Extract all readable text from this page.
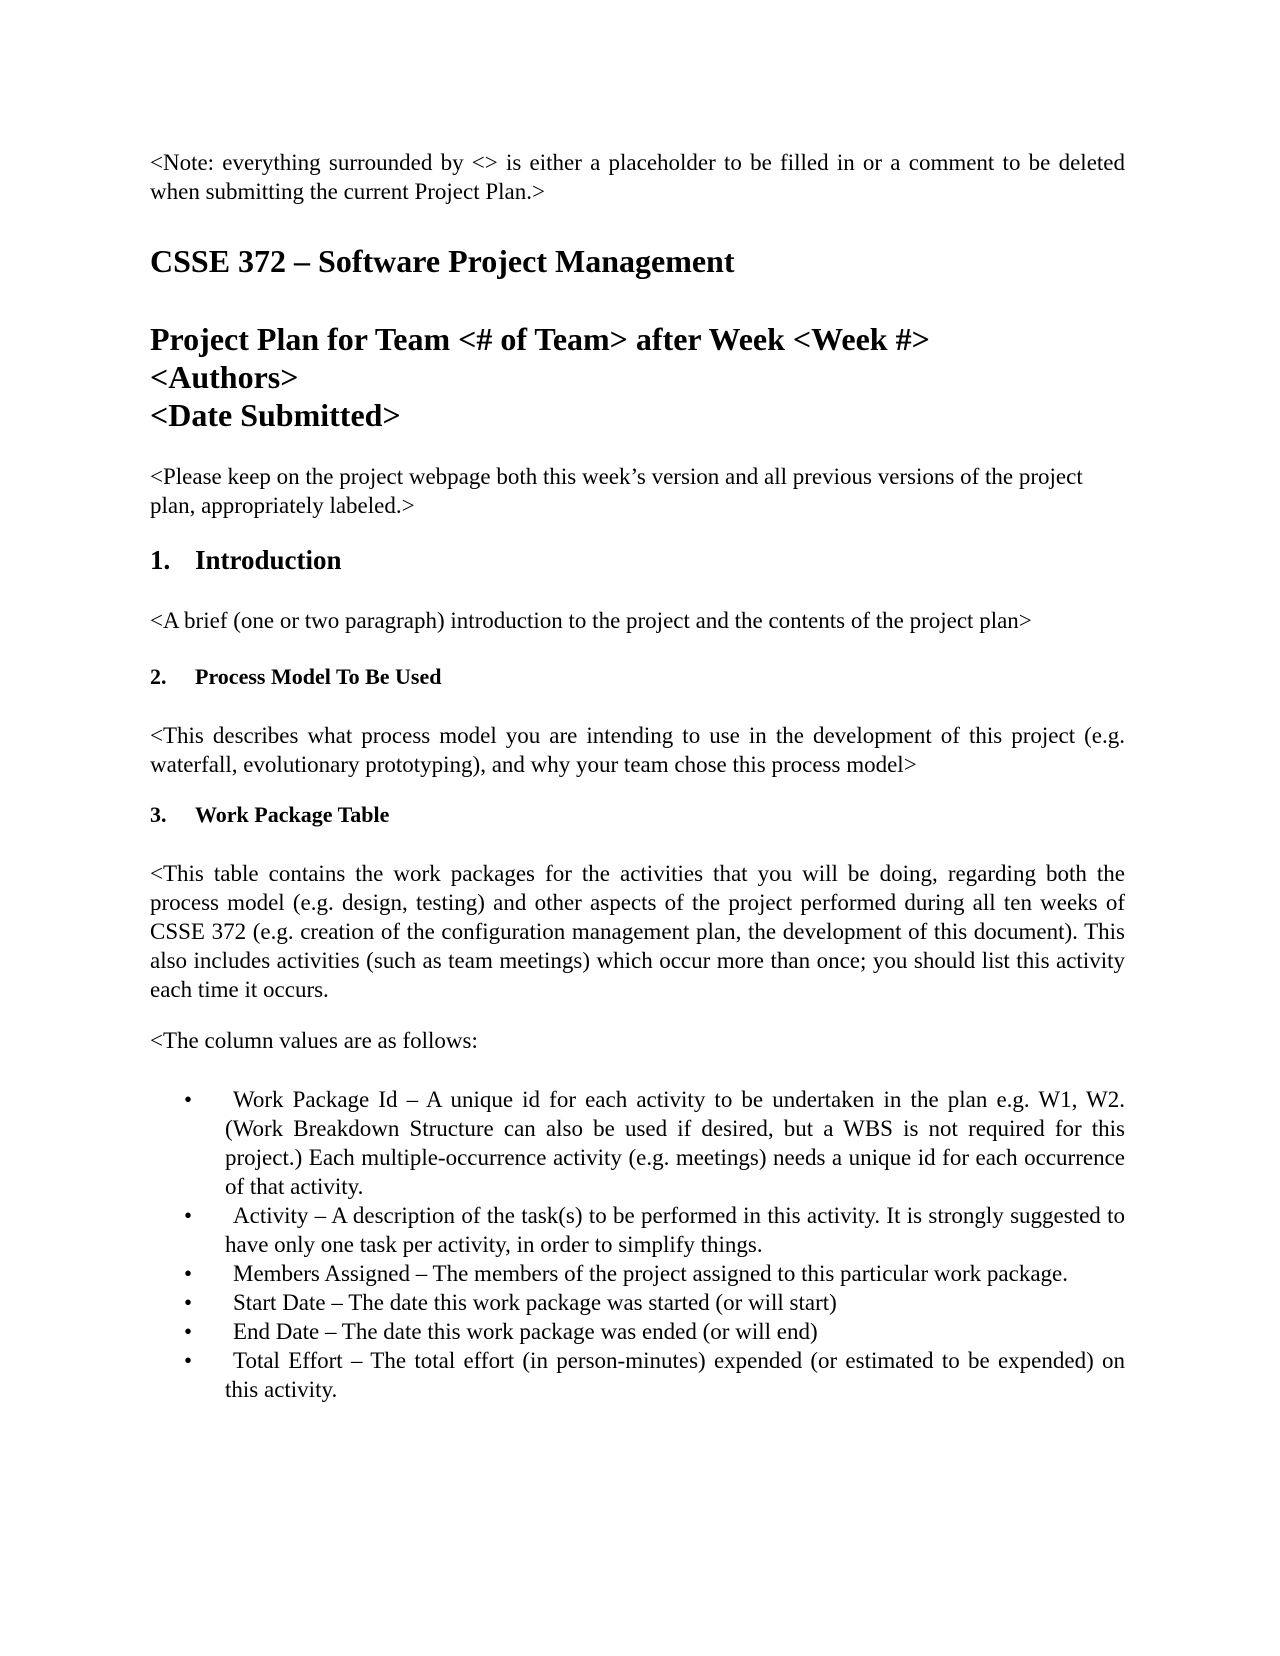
<Note: everything surrounded by <> is either a placeholder to be filled in or a comment to be deleted when submitting the current Project Plan.>

CSSE 372 – Software Project Management
Project Plan for Team <# of Team> after Week <Week #>
<Authors>
<Date Submitted>

<Please keep on the project webpage both this week’s version and all previous versions of the project plan, appropriately labeled.>

1. Introduction

<A brief (one or two paragraph) introduction to the project and the contents of the project plan>

2.	Process Model To Be Used

<This describes what process model you are intending to use in the development of this project (e.g. waterfall, evolutionary prototyping), and why your team chose this process model>

3.	Work Package Table

<This table contains the work packages for the activities that you will be doing, regarding both the process model (e.g. design, testing) and other aspects of the project performed during all ten weeks of CSSE 372 (e.g. creation of the configuration management plan, the development of this document). This also includes activities (such as team meetings) which occur more than once; you should list this activity each time it occurs.

<The column values are as follows:

• Work Package Id – A unique id for each activity to be undertaken in the plan e.g. W1, W2. (Work Breakdown Structure can also be used if desired, but a WBS is not required for this project.) Each multiple-occurrence activity (e.g. meetings) needs a unique id for each occurrence of that activity.
• Activity – A description of the task(s) to be performed in this activity. It is strongly suggested to have only one task per activity, in order to simplify things.
• Members Assigned – The members of the project assigned to this particular work package.
• Start Date – The date this work package was started (or will start)
• End Date – The date this work package was ended (or will end)
• Total Effort – The total effort (in person-minutes) expended (or estimated to be expended) on this activity.
